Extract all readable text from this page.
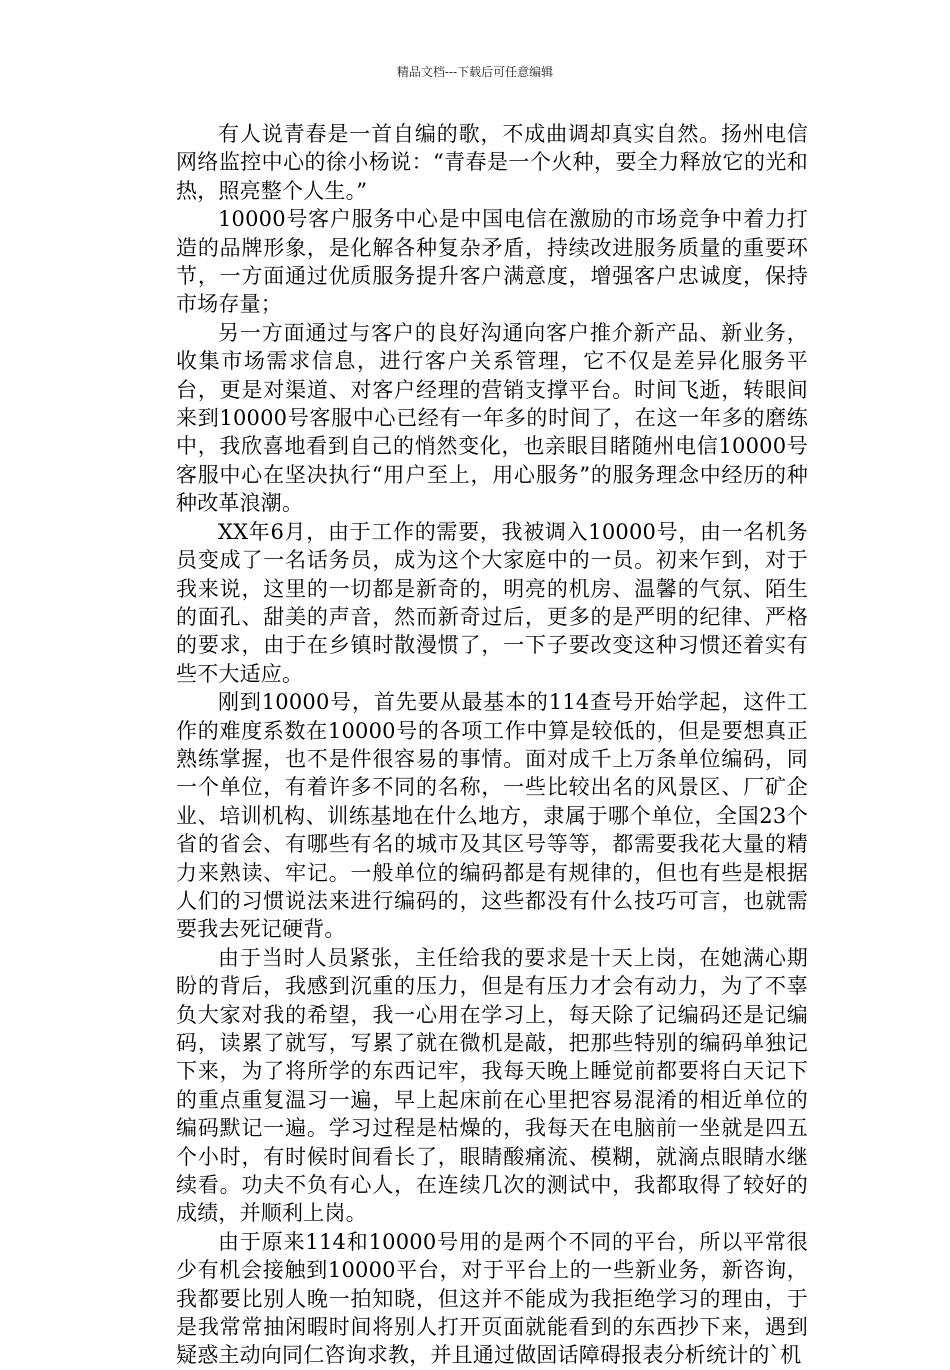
精品文档---下载后可任意编辑

有人说青春是一首自编的歌，不成曲调却真实自然。扬州电信网络监控中心的徐小杨说：“青春是一个火种，要全力释放它的光和热，照亮整个人生。”

10000号客户服务中心是中国电信在激励的市场竞争中着力打造的品牌形象，是化解各种复杂矛盾，持续改进服务质量的重要环节，一方面通过优质服务提升客户满意度，增强客户忠诚度，保持市场存量；

另一方面通过与客户的良好沟通向客户推介新产品、新业务，收集市场需求信息，进行客户关系管理，它不仅是差异化服务平台，更是对渠道、对客户经理的营销支撑平台。时间飞逝，转眼间来到10000号客服中心已经有一年多的时间了，在这一年多的磨练中，我欣喜地看到自己的悄然变化，也亲眼目睹随州电信10000号客服中心在坚决执行“用户至上，用心服务”的服务理念中经历的种种改革浪潮。

XX年6月，由于工作的需要，我被调入10000号，由一名机务员变成了一名话务员，成为这个大家庭中的一员。初来乍到，对于我来说，这里的一切都是新奇的，明亮的机房、温馨的气氛、陌生的面孔、甜美的声音，然而新奇过后，更多的是严明的纪律、严格的要求，由于在乡镇时散漫惯了，一下子要改变这种习惯还着实有些不大适应。

刚到10000号，首先要从最基本的114查号开始学起，这件工作的难度系数在10000号的各项工作中算是较低的，但是要想真正熟练掌握，也不是件很容易的事情。面对成千上万条单位编码，同一个单位，有着许多不同的名称，一些比较出名的风景区、厂矿企业、培训机构、训练基地在什么地方，隶属于哪个单位，全国23个省的省会、有哪些有名的城市及其区号等等，都需要我花大量的精力来熟读、牢记。一般单位的编码都是有规律的，但也有些是根据人们的习惯说法来进行编码的，这些都没有什么技巧可言，也就需要我去死记硬背。

由于当时人员紧张，主任给我的要求是十天上岗，在她满心期盼的背后，我感到沉重的压力，但是有压力才会有动力，为了不辜负大家对我的希望，我一心用在学习上，每天除了记编码还是记编码，读累了就写，写累了就在微机是敲，把那些特别的编码单独记下来，为了将所学的东西记牢，我每天晚上睡觉前都要将白天记下的重点重复温习一遍，早上起床前在心里把容易混淆的相近单位的编码默记一遍。学习过程是枯燥的，我每天在电脑前一坐就是四五个小时，有时候时间看长了，眼睛酸痛流、模糊，就滴点眼睛水继续看。功夫不负有心人，在连续几次的测试中，我都取得了较好的成绩，并顺利上岗。

由于原来114和10000号用的是两个不同的平台，所以平常很少有机会接触到10000平台，对于平台上的一些新业务，新咨询，我都要比别人晚一拍知晓，但这并不能成为我拒绝学习的理由，于是我常常抽闲暇时间将别人打开页面就能看到的东西抄下来，遇到疑惑主动向同仁咨询求教，并且通过做固话障碍报表分析统计的`机
